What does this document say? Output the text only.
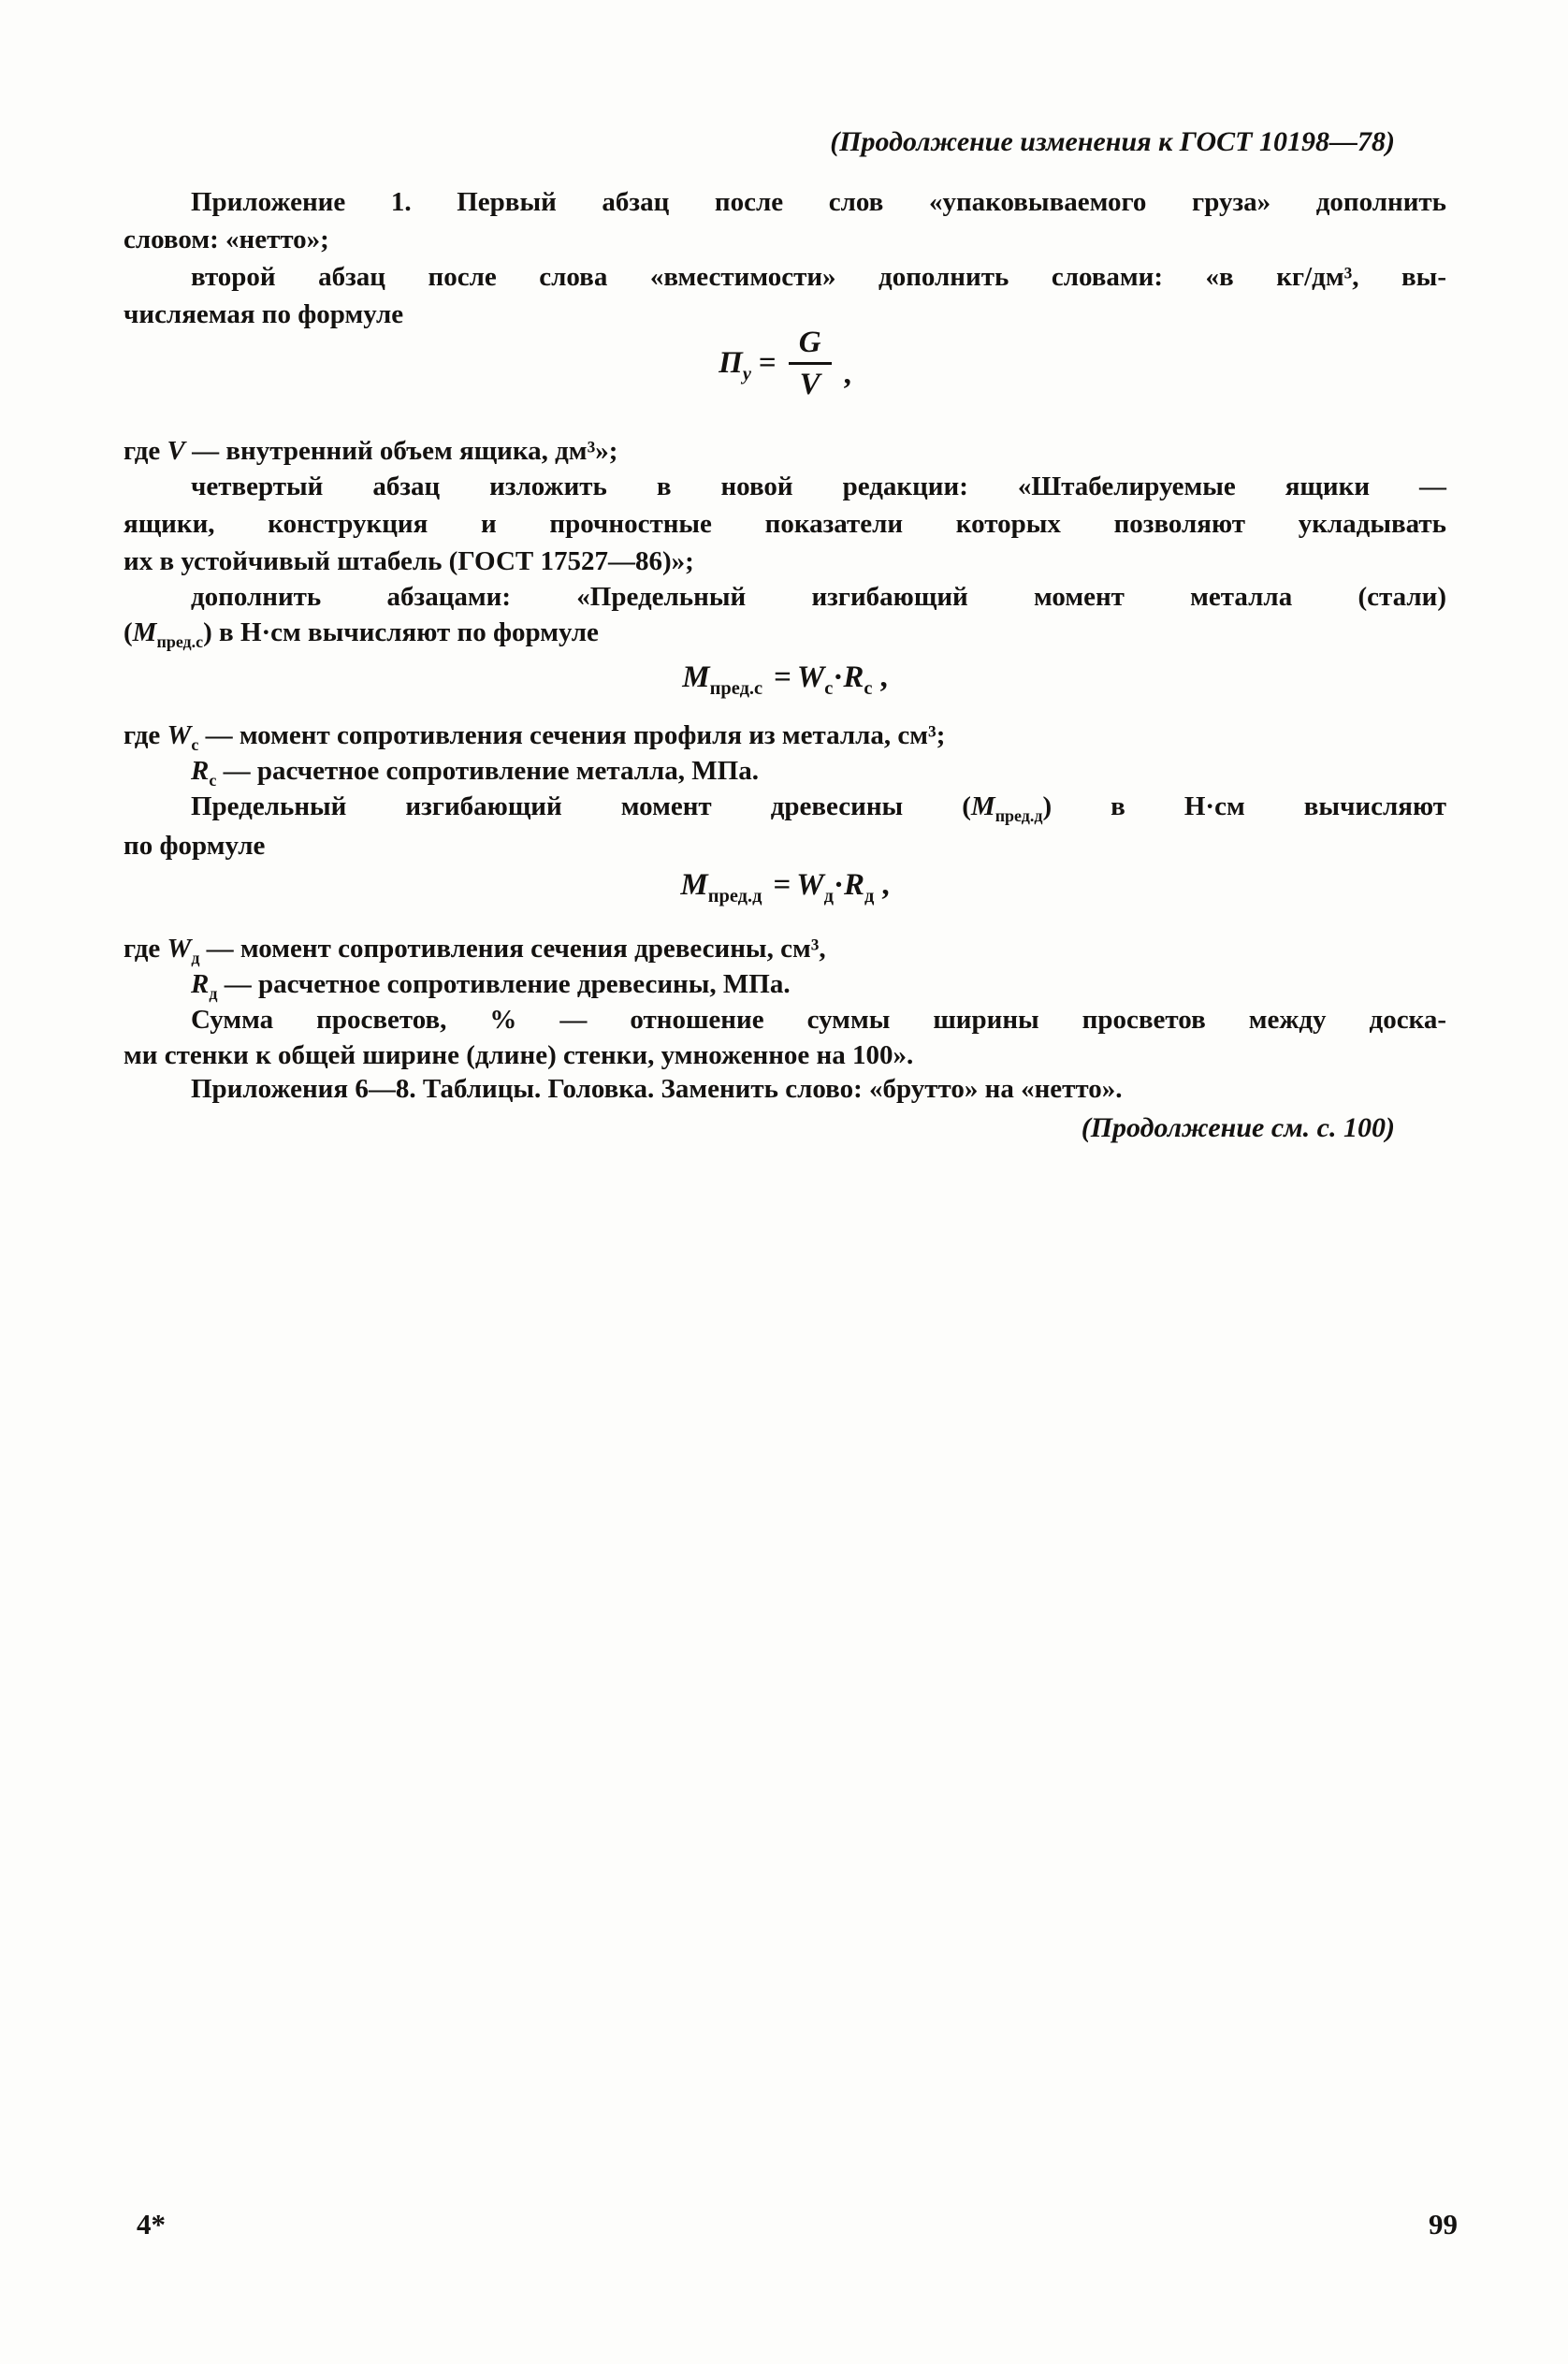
(Продолжение изменения к ГОСТ 10198—78)
Приложение 1. Первый абзац после слов «упаковываемого груза» дополнить
словом: «нетто»;
второй абзац после слова «вместимости» дополнить словами: «в кг/дм³, вы-
числяемая по формуле
$П_у = \frac{G}{V}$ ,
где V — внутренний объем ящика, дм³»;
четвертый абзац изложить в новой редакции: «Штабелируемые ящики —
ящики, конструкция и прочностные показатели которых позволяют укладывать
их в устойчивый штабель (ГОСТ 17527—86)»;
дополнить абзацами: «Предельный изгибающий момент металла (стали)
$(М_{пред.с})$ в Н·см вычисляют по формуле
$М_{пред.с} = W_с\cdot R_с$ ,
где $W_с$ — момент сопротивления сечения профиля из металла, см³;
$R_с$ — расчетное сопротивление металла, МПа.
Предельный изгибающий момент древесины $(М_{пред.д})$ в Н·см вычисляют
по формуле
$М_{пред.д} = W_д\cdot R_д$ ,
где $W_д$ — момент сопротивления сечения древесины, см³,
$R_д$ — расчетное сопротивление древесины, МПа.
Сумма просветов, % — отношение суммы ширины просветов между доска-
ми стенки к общей ширине (длине) стенки, умноженное на 100».
Приложения 6—8. Таблицы. Головка. Заменить слово: «брутто» на «нетто».
(Продолжение см. с. 100)
4*	99
